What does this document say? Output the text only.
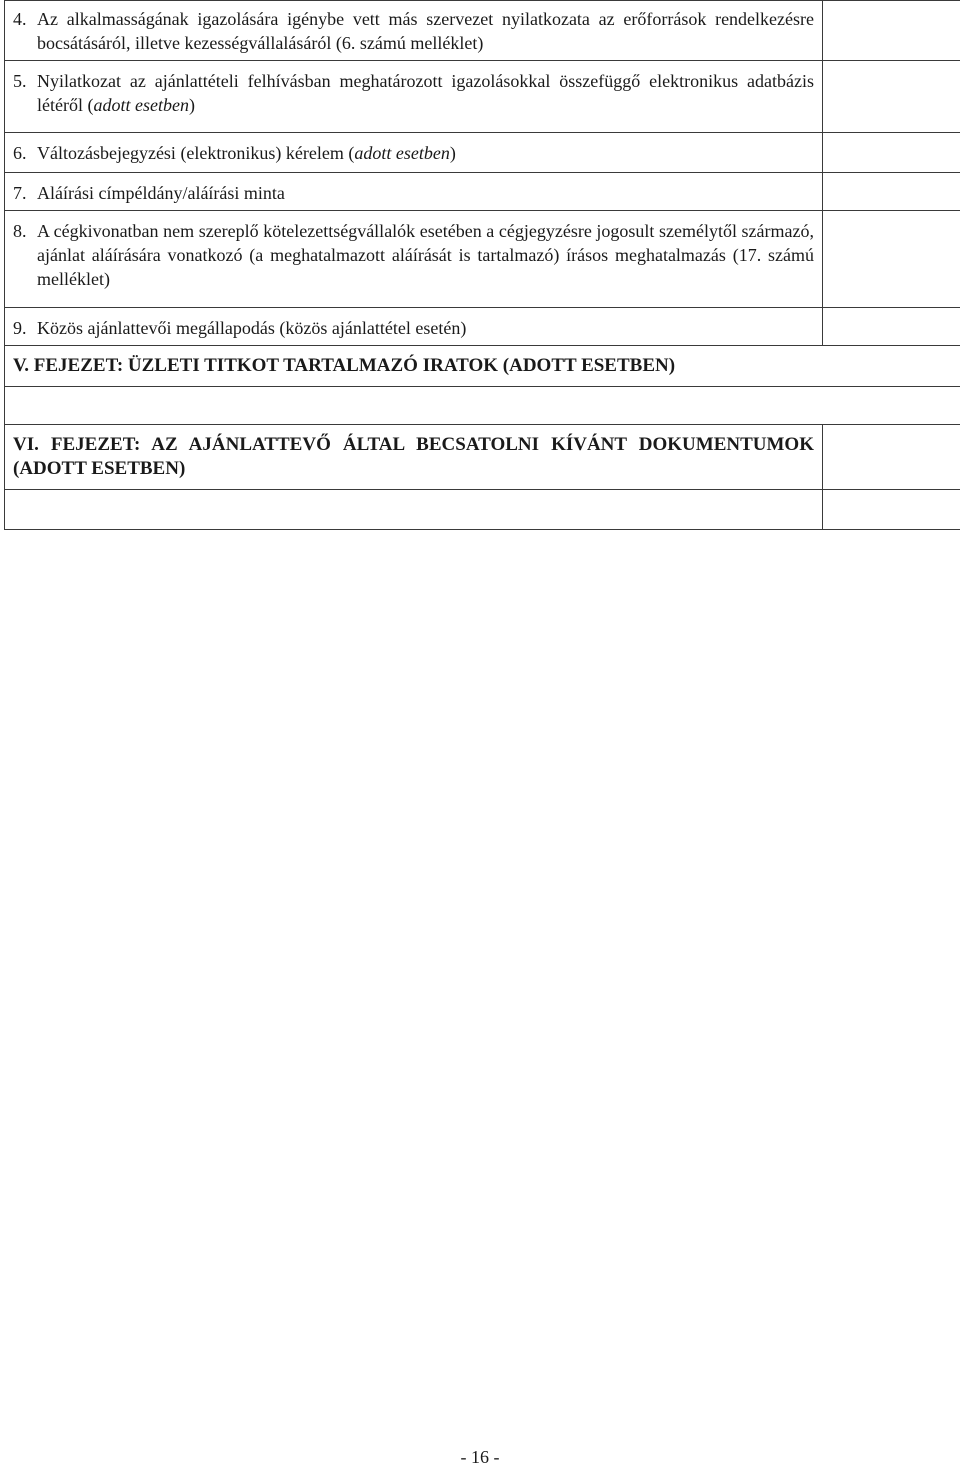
4. Az alkalmasságának igazolására igénybe vett más szervezet nyilatkozata az erőforrások rendelkezésre bocsátásáról, illetve kezességvállalásáról (6. számú melléklet)	

5. Nyilatkozat az ajánlattételi felhívásban meghatározott igazolásokkal összefüggő elektronikus adatbázis létéről (adott esetben)	

6. Változásbejegyzési (elektronikus) kérelem (adott esetben)	

7. Aláírási címpéldány/aláírási minta	

8. A cégkivonatban nem szereplő kötelezettségvállalók esetében a cégjegyzésre jogosult személytől származó, ajánlat aláírására vonatkozó (a meghatalmazott aláírását is tartalmazó) írásos meghatalmazás (17. számú melléklet)	

9. Közös ajánlattevői megállapodás (közös ajánlattétel esetén)	

V. FEJEZET: ÜZLETI TITKOT TARTALMAZÓ IRATOK (ADOTT ESETBEN)	

VI. FEJEZET: AZ AJÁNLATTEVŐ ÁLTAL BECSATOLNI KÍVÁNT DOKUMENTUMOK (ADOTT ESETBEN)	

- 16 -
